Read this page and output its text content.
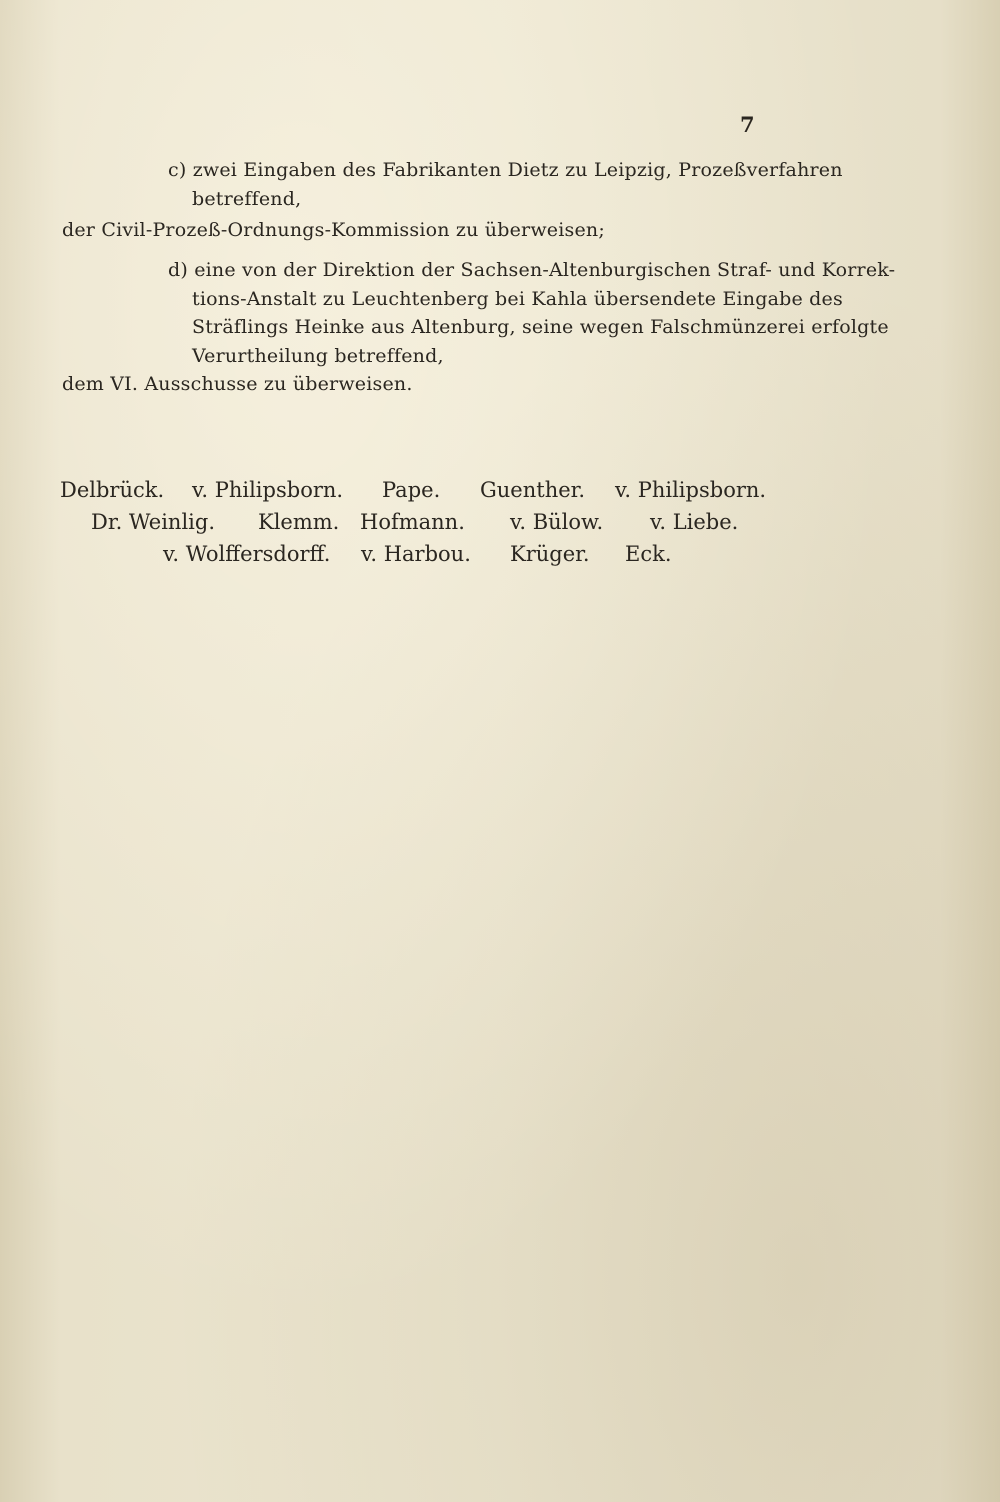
7
c) zwei Eingaben des Fabrikanten Dietz zu Leipzig, Prozeßverfahren
betreffend,
der Civil-Prozeß-Ordnungs-Kommission zu überweisen;
d) eine von der Direktion der Sachsen-Altenburgischen Straf- und Korrek-
tions-Anstalt zu Leuchtenberg bei Kahla übersendete Eingabe des
Sträflings Heinke aus Altenburg, seine wegen Falschmünzerei erfolgte
Verurtheilung betreffend,
dem VI. Ausschusse zu überweisen.
Delbrück. v. Philipsborn. Pape. Guenther. v. Philipsborn.
Dr. Weinlig. Klemm. Hofmann. v. Bülow. v. Liebe.
v. Wolffersdorff. v. Harbou. Krüger. Eck.
